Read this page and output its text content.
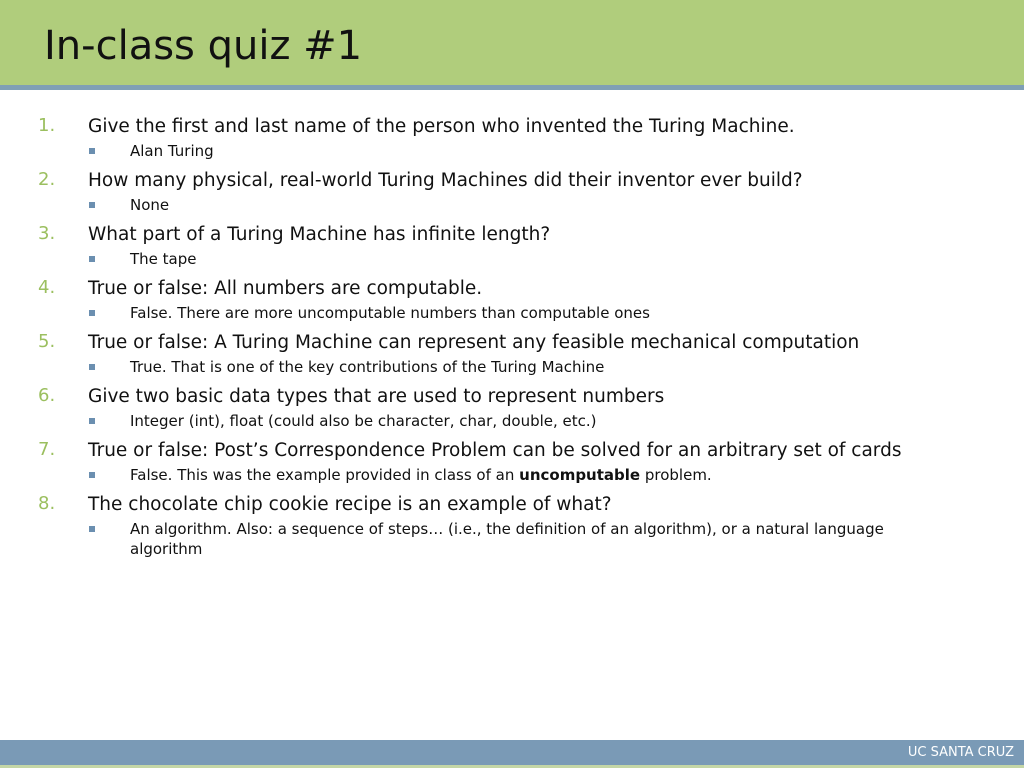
In-class quiz #1
1. Give the first and last name of the person who invented the Turing Machine.
Alan Turing
2. How many physical, real-world Turing Machines did their inventor ever build?
None
3. What part of a Turing Machine has infinite length?
The tape
4. True or false: All numbers are computable.
False. There are more uncomputable numbers than computable ones
5. True or false: A Turing Machine can represent any feasible mechanical computation
True. That is one of the key contributions of the Turing Machine
6. Give two basic data types that are used to represent numbers
Integer (int), float (could also be character, char, double, etc.)
7. True or false: Post’s Correspondence Problem can be solved for an arbitrary set of cards
False. This was the example provided in class of an uncomputable problem.
8. The chocolate chip cookie recipe is an example of what?
An algorithm. Also: a sequence of steps… (i.e., the definition of an algorithm), or a natural language algorithm
UC SANTA CRUZ
